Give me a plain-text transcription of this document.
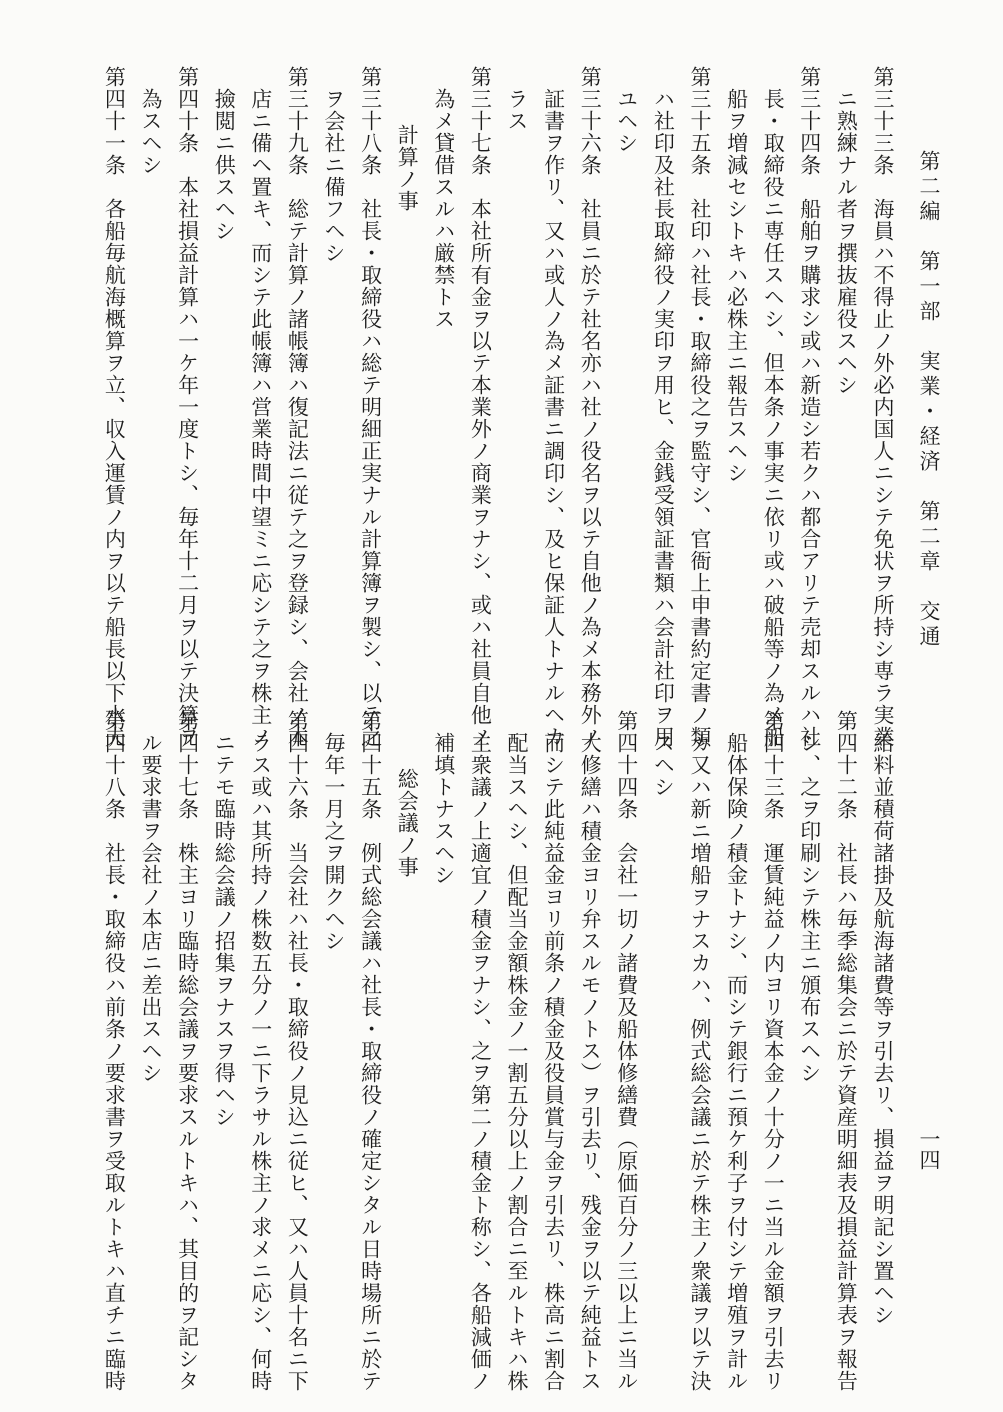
第二編　第一部　実業・経済　第二章　交通
一四
第三十三条　海員ハ不得止ノ外必内国人ニシテ免状ヲ所持シ専ラ実業
ニ熟練ナル者ヲ撰抜雇役スヘシ
第三十四条　船舶ヲ購求シ或ハ新造シ若クハ都合アリテ売却スルハ社
長・取締役ニ専任スヘシ、但本条ノ事実ニ依リ或ハ破船等ノ為メ船
船ヲ増減セシトキハ必株主ニ報告スヘシ
第三十五条　社印ハ社長・取締役之ヲ監守シ、官衙上申書約定書ノ類
ハ社印及社長取締役ノ実印ヲ用ヒ、金銭受領証書類ハ会計社印ヲ用
ユヘシ
第三十六条　社員ニ於テ社名亦ハ社ノ役名ヲ以テ自他ノ為メ本務外ノ
証書ヲ作リ、又ハ或人ノ為メ証書ニ調印シ、及ヒ保証人トナルヘカ
ラス
第三十七条　本社所有金ヲ以テ本業外ノ商業ヲナシ、或ハ社員自他ノ
為メ貸借スルハ厳禁トス
計算ノ事
第三十八条　社長・取締役ハ総テ明細正実ナル計算簿ヲ製シ、以テ之
ヲ会社ニ備フヘシ
第三十九条　総テ計算ノ諸帳簿ハ復記法ニ従テ之ヲ登録シ、会社ノ本
店ニ備ヘ置キ、而シテ此帳簿ハ営業時間中望ミニ応シテ之ヲ株主ノ
撿閲ニ供スヘシ
第四十条　本社損益計算ハ一ケ年一度トシ、毎年十二月ヲ以テ決算ヲ
為スヘシ
第四十一条　各船毎航海概算ヲ立、収入運賃ノ内ヲ以テ船長以下水夫
給料並積荷諸掛及航海諸費等ヲ引去リ、損益ヲ明記シ置ヘシ
第四十二条　社長ハ毎季総集会ニ於テ資産明細表及損益計算表ヲ報告
シ、之ヲ印刷シテ株主ニ頒布スヘシ
第四十三条　運賃純益ノ内ヨリ資本金ノ十分ノ一ニ当ル金額ヲ引去リ
船体保険ノ積金トナシ、而シテ銀行ニ預ケ利子ヲ付シテ増殖ヲ計ル
カ又ハ新ニ増船ヲナスカハ、例式総会議ニ於テ株主ノ衆議ヲ以テ決
スヘシ
第四十四条　会社一切ノ諸費及船体修繕費（原価百分ノ三以上ニ当ル
大修繕ハ積金ヨリ弁スルモノトス）ヲ引去リ、残金ヲ以テ純益トス
而シテ此純益金ヨリ前条ノ積金及役員賞与金ヲ引去リ、株高ニ割合
配当スヘシ、但配当金額株金ノ一割五分以上ノ割合ニ至ルトキハ株
主衆議ノ上適宜ノ積金ヲナシ、之ヲ第二ノ積金ト称シ、各船減価ノ
補填トナスヘシ
総会議ノ事
第四十五条　例式総会議ハ社長・取締役ノ確定シタル日時場所ニ於テ
毎年一月之ヲ開クヘシ
第四十六条　当会社ハ社長・取締役ノ見込ニ従ヒ、又ハ人員十名ニ下
ラス或ハ其所持ノ株数五分ノ一ニ下ラサル株主ノ求メニ応シ、何時
ニテモ臨時総会議ノ招集ヲナスヲ得ヘシ
第四十七条　株主ヨリ臨時総会議ヲ要求スルトキハ、其目的ヲ記シタ
ル要求書ヲ会社ノ本店ニ差出スヘシ
第四十八条　社長・取締役ハ前条ノ要求書ヲ受取ルトキハ直チニ臨時
